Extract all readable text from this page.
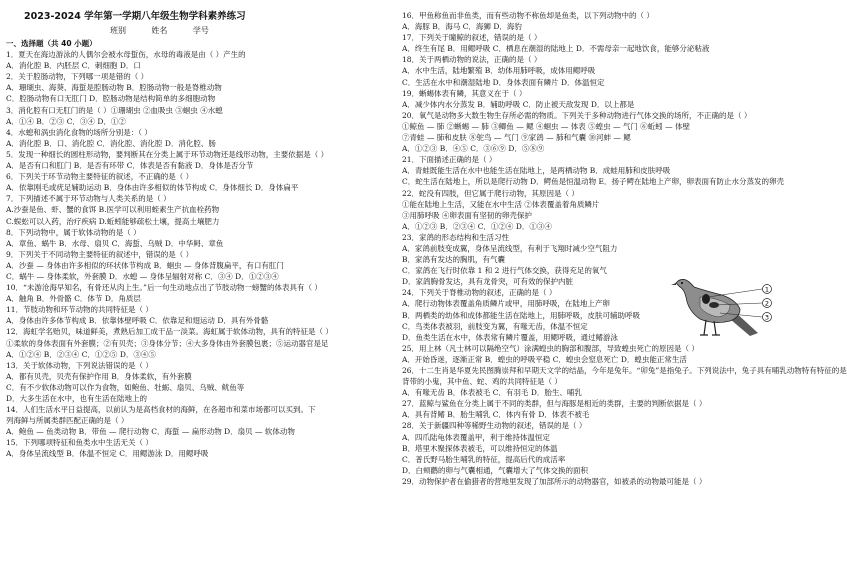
2023-2024 学年第一学期八年级生物学科素养练习
班别          姓名          学号
一、选择题（共 40 小题）
1．夏天在海边游泳的人偶尔会被水母蜇伤，水母的毒液是由（ ）产生的
A．消化腔 B．内胚层 C．刺细胞 D．口
2．关于腔肠动物，下列哪一项是错的（ ）
A．珊瑚虫、海葵、海蜇是腔肠动物 B．腔肠动物一般是脊椎动物
C．腔肠动物有口无肛门 D．腔肠动物是结构简单的多细胞动物
3．消化腔有口无肛门的是（ ）①珊瑚虫 ②血吸虫 ③蛔虫 ④水螅
A．①④ B．②③ C．③④ D．①②
4．水螅和涡虫消化食物的场所分别是：（ ）
A．消化腔 B．口、消化腔 C．消化腔、消化腔 D．消化腔、肠
5．发现一种细长的圆柱形动物，要判断其在分类上属于环节动物还是线形动物，主要依据是（ ）
A．是否有口和肛门 B．是否有环带 C．体表是否有黏液 D．身体是否分节
6．下列关于环节动物主要特征的叙述，不正确的是（ ）
A．依靠刚毛或疣足辅助运动 B．身体由许多相似的体节构成 C．身体细长 D．身体扁平
7．下列描述不属于环节动物与人类关系的是（ ）
A.沙蚕是鱼、虾、蟹的食饵 B.医学可以利用蛭素生产抗血栓药物
C.蜈蚣可以入药，治疗疾病 D.蚯蚓能够疏松土壤，提高土壤肥力
8．下列动物中，属于软体动物的是（ ）
A．章鱼、蜗牛 B．水母、扇贝 C．海蜇、乌贼 D．中华鲟、章鱼
9．下列关于不同动物主要特征的叙述中，错误的是（ ）
A．沙蚕 — 身体由许多相似的环状体节构成 B．蛔虫 — 身体背腹扁平，有口有肛门
C．蜗牛 — 身体柔软，外套膜 D．水螅 — 身体呈辐射对称 C．③④ D．①②③④
10．“未游沧海早知名，有骨还从肉上生。”后一句生动地点出了节肢动物一螃蟹的体表具有（ ）
A．触角 B．外骨骼 C．体节 D．角质层
11．节肢动物和环节动物的共同特征是（ ）
A．身体由许多体节构成 B．依靠体壁呼吸 C．依靠足和翅运动 D．具有外骨骼
12．海虹学名贻贝，味道鲜美，煮熟后加工成干品一淡菜。海虹属于软体动物，具有的特征是（ ）
①柔软的身体表面有外套膜；②有贝壳；③身体分节；④大多身体由外套膜包裹；⑤运动器官是足
A．①②④ B．②③④ C．①②⑤ D．③④⑤
13．关于软体动物，下列说法错误的是（ ）
A．都有贝壳，贝壳有保护作用 B．身体柔软，有外套膜
C．有不少软体动物可以作为食物，如鲍鱼、牡蛎、扇贝、乌贼、鱿鱼等
D．大多生活在水中，也有生活在陆地上的
14．人们生活水平日益提高，以前认为是高档食材的海鲜，在各超市和菜市场都可以买到。下
列海鲜与所属类群匹配正确的是（ ）
A．鲍鱼 — 鱼类动物 B．带鱼 — 爬行动物 C．海蜇 — 扁形动物 D．扇贝 — 软体动物
15．下列哪项特征和鱼类水中生活无关（ ）
A．身体呈流线型 B．体温不恒定 C．用鳃游泳 D．用鳃呼吸
16．甲鱼称鱼而非鱼类，而有些动物不称鱼却是鱼类，以下列动物中的（ ）
A．海豚 B．海马 C．海狮 D．海豹
17．下列关于瞳鲸的叙述，错误的是（ ）
A．终生有尾 B．用鳃呼吸 C．栖息在潮湿的陆地上 D．不需母亲一起地饮食，能够分泌粘液
18．关于两栖动物的说法，正确的是（ ）
A．水中生活，陆地繁殖 B．幼体用肺呼吸，成体用鳃呼吸
C．生活在水中和潮湿陆地 D．身体表面有鳞片 D．体温恒定
19．蜥蜴体表有鳞，其意义在于（ ）
A．减少体内水分蒸发 B．辅助呼吸 C．防止被天敌发现 D．以上都是
20．氧气是动物多大数生物生存所必需的物质。下列关于多种动物进行气体交换的场所，不正确的是（ ）
①鲸鱼 — 肺 ②蜥蜴 — 肺 ③鲫鱼 — 鳃 ④蛔虫 — 体表 ⑤蝗虫 — 气门 ⑥蚯蚓 — 体壁
⑦青蛙 — 肺和皮肤 ⑧鸵鸟 — 气门 ⑨家鸽 — 肺和气囊 ⑩河蚌 — 鳃
A．①②③ B．④⑤ C．③⑥⑨ D．⑤⑧⑨
21．下面描述正确的是（ ）
A．青蛙既能生活在水中也能生活在陆地上，是两栖动物 B．成蛙用肺和皮肤呼吸
C．蛇生活在陆地上，所以是爬行动物 D．鳄鱼是恒温动物 E．扬子鳄在陆地上产卵，卵表面有防止水分蒸发的卵壳
22．蛇没有四肢，但它属于爬行动物，其原因是（ ）
①能在陆地上生活，又能在水中生活 ②体表覆盖着角质鳞片
③用肺呼吸 ④卵表面有坚韧的卵壳保护
A．①②③ B．②③④ C．①②④ D．①③④
23．家鸽的形态结构和生活习性
A．家鸽前肢变成翼，身体呈流线型，有利于飞翔时减少空气阻力
B．家鸽有发达的胸肌，有气囊
C．家鸽在飞行时依靠 1 和 2 进行气体交换，获得充足的氧气
D．家鸽胸骨发达，具有龙骨突，可有效的保护内脏
24．下列关于脊椎动物的叙述，正确的是（ ）
A．爬行动物体表覆盖角质鳞片或甲，用肺呼吸，在陆地上产卵
B．两栖类的幼体和成体都能生活在陆地上，用肺呼吸，皮肤可辅助呼吸
C．鸟类体表被羽，前肢变为翼，有喙无齿，体温不恒定
D．鱼类生活在水中，体表常有鳞片覆盖，用鳃呼吸，通过鳍游泳
25．用上林（凡士林可以隔绝空气）涂满蝗虫的胸部和腹部，导致蝗虫死亡的原因是（ ）
A．开始昏迷，逐渐正常 B．蝗虫的呼吸平稳 C．蝗虫会窒息死亡 D．蝗虫能正常生活
26．十二生肖是华夏先民图腾崇拜和早期天文学的结晶，今年是兔年。“卯兔”是指兔子。下列说法中，兔子具有哺乳动物特有特征的是
背带的小鬼，其中鱼、蛇、鸡的共同特征是（ ）
A．有喙无齿 B．体表被毛 C．有羽毛 D．胎生、哺乳
27．蓝鲸与鲨鱼在分类上属于不同的类群，但与海豚是相近的类群，主要的判断依据是（ ）
A．具有背鳍 B．胎生哺乳 C．体内有骨 D．体表不被毛
28．关于新疆四种等稀野生动物的叙述，错误的是（ ）
A．四爪陆龟体表覆盖甲，利于维持体温恒定
B．塔里木聚探体表被毛，可以维持恒定的体温
C．普氏野马胎生哺乳的特征，提高后代的成活率
D．白颊鹳的卵与气囊相通，气囊增大了气体交换的面积
29．动物保护者在偷猎者的营地里发现了加部所示的动物器官，如被杀的动物最可能是（ ）
1
2
3
